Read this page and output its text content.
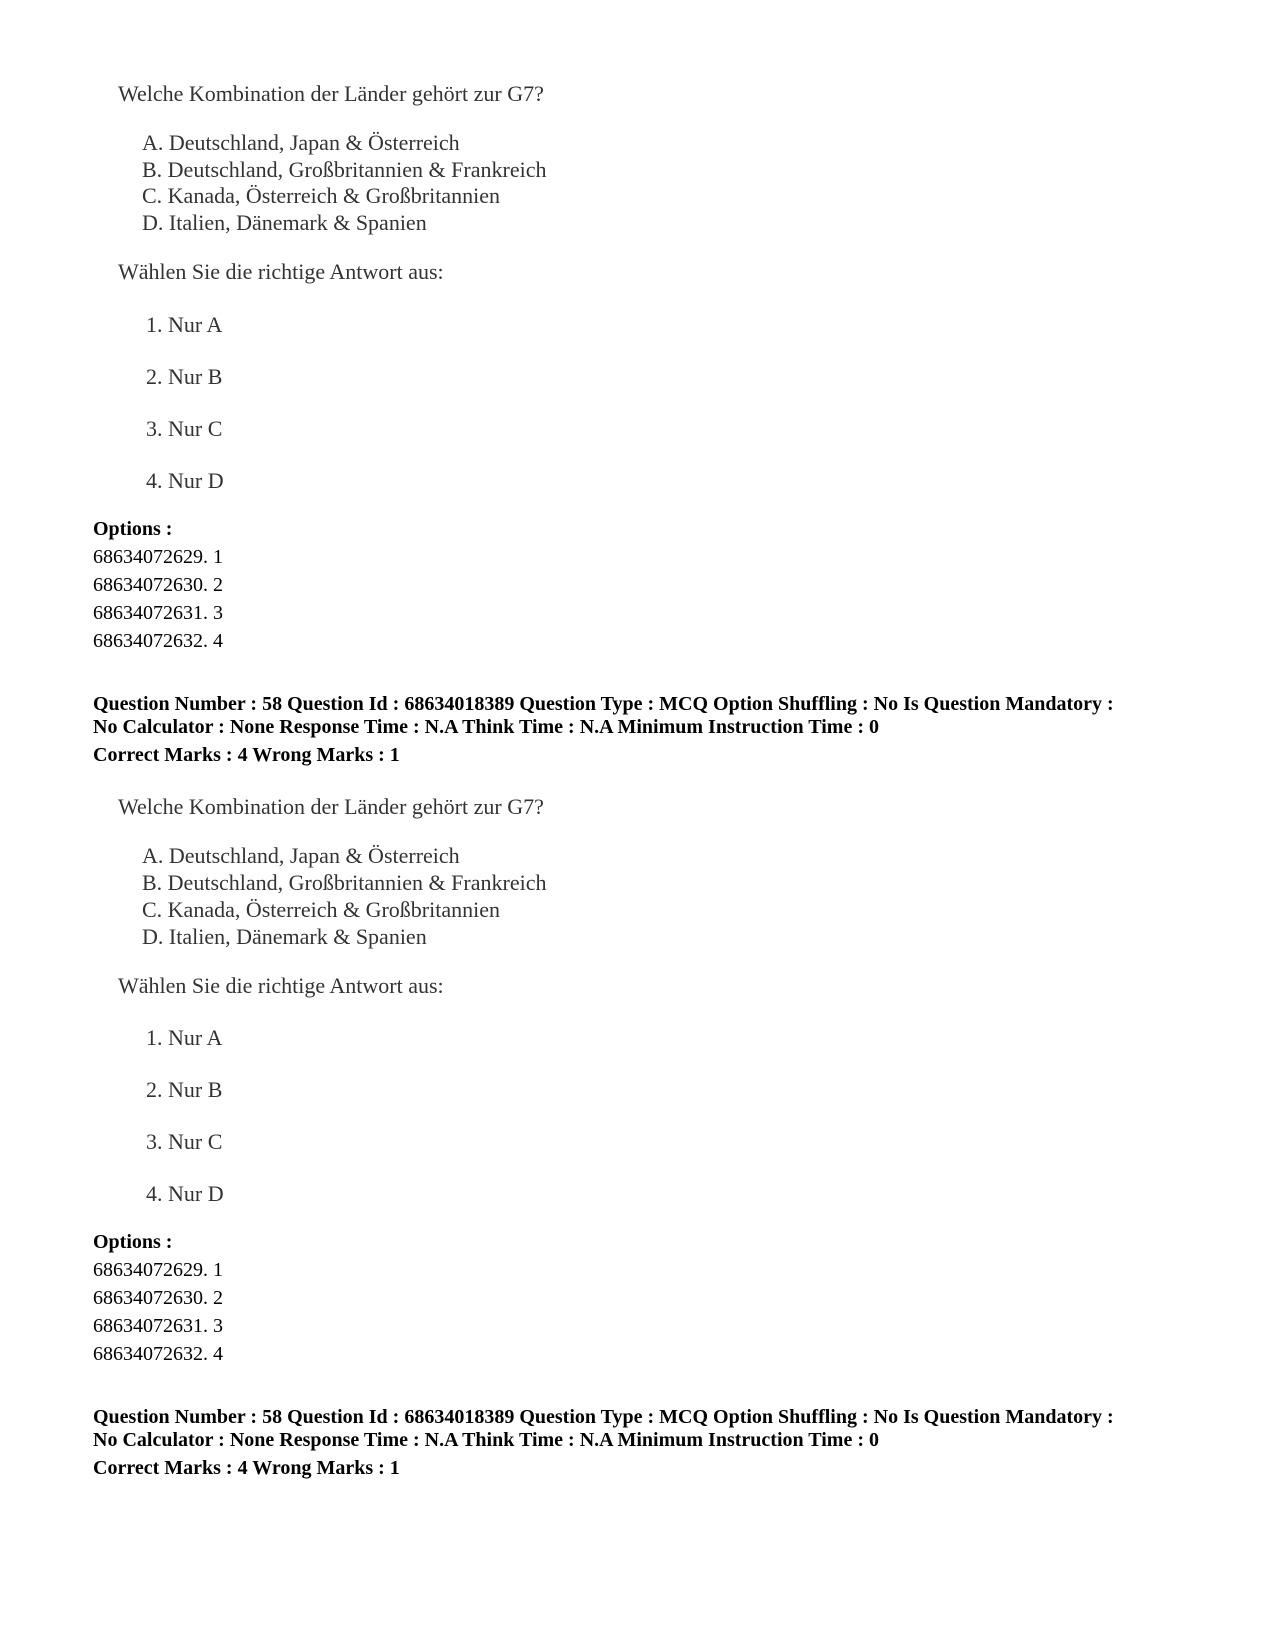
Welche Kombination der Länder gehört zur G7?
A. Deutschland, Japan & Österreich
B. Deutschland, Großbritannien & Frankreich
C. Kanada, Österreich & Großbritannien
D. Italien, Dänemark & Spanien
Wählen Sie die richtige Antwort aus:
1. Nur A
2. Nur B
3. Nur C
4. Nur D
Options :
68634072629. 1
68634072630. 2
68634072631. 3
68634072632. 4
Question Number : 58 Question Id : 68634018389 Question Type : MCQ Option Shuffling : No Is Question Mandatory :
No Calculator : None Response Time : N.A Think Time : N.A Minimum Instruction Time : 0
Correct Marks : 4 Wrong Marks : 1
Welche Kombination der Länder gehört zur G7?
A. Deutschland, Japan & Österreich
B. Deutschland, Großbritannien & Frankreich
C. Kanada, Österreich & Großbritannien
D. Italien, Dänemark & Spanien
Wählen Sie die richtige Antwort aus:
1. Nur A
2. Nur B
3. Nur C
4. Nur D
Options :
68634072629. 1
68634072630. 2
68634072631. 3
68634072632. 4
Question Number : 58 Question Id : 68634018389 Question Type : MCQ Option Shuffling : No Is Question Mandatory :
No Calculator : None Response Time : N.A Think Time : N.A Minimum Instruction Time : 0
Correct Marks : 4 Wrong Marks : 1
